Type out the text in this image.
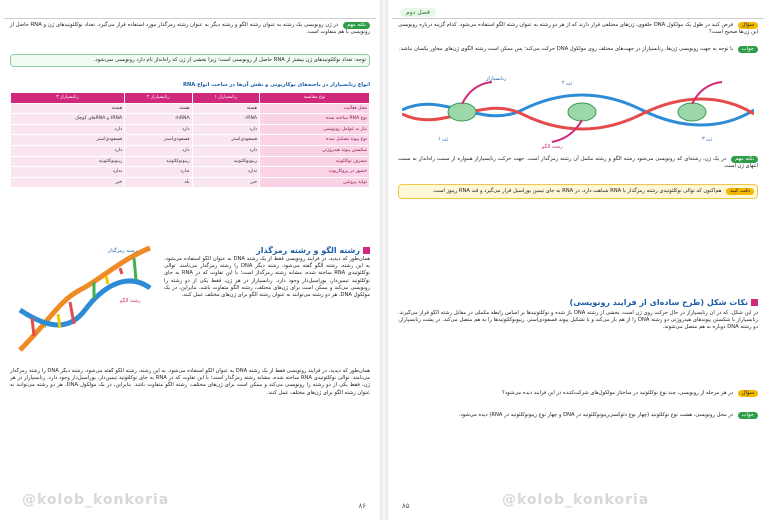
نکته مهم در ژن رونویسی یک رشته به عنوان رشته الگو و رشته دیگر به عنوان رشته رمزگذار مورد استفاده قرار می‌گیرد. تعداد نوکلئوتیدهای ژن و RNA حاصل از رونویسی با هم متفاوت است.
توجه: تعداد نوکلئوتیدهای ژن بیشتر از RNA حاصل از رونویسی است؛ زیرا بخشی از ژن که راه‌انداز نام دارد رونویسی نمی‌شود.
انواع رنابسپاراز در یاخته‌های یوکاریوتی و نقش آن‌ها در ساخت انواع RNA
نوع مقایسه	رنابسپاراز ۱	رنابسپاراز ۲	رنابسپاراز ۳
محل فعالیت	هسته	هسته	هسته
نوع RNA ساخته شده	rRNA	mRNA	tRNA و RNAهای کوچک
نیاز به عوامل رونویسی	دارد	دارد	دارد
نوع پیوند تشکیل شده	فسفودی‌استر	فسفودی‌استر	فسفودی‌استر
شکستن پیوند هیدروژنی	دارد	دارد	دارد
مصرف نوکلئوتید	ریبونوکلئوتید	ریبونوکلئوتید	ریبونوکلئوتید
حضور در پروکاریوت	ندارد	ندارد	ندارد
تولید پروتئین	خیر	بله	خیر
رشته الگو و رشته رمزگذار
رشته الگو
رشته رمزگذار
همان‌طور که دیدید، در فرایند رونویسی فقط از یک رشته DNA به عنوان الگو استفاده می‌شود. به این رشته، رشته الگو گفته می‌شود. رشته دیگر DNA را رشته رمزگذار می‌نامند. توالی نوکلئوتیدی RNA ساخته شده، مشابه رشته رمزگذار است؛ با این تفاوت که در RNA به جای نوکلئوتید تیمین‌دار، یوراسیل‌دار وجود دارد. رنابسپاراز در هر ژن، فقط یکی از دو رشته را رونویسی می‌کند و ممکن است برای ژن‌های مختلف، رشته الگو متفاوت باشد. بنابراین، در یک مولکول DNA، هر دو رشته می‌توانند به عنوان رشته الگو برای ژن‌های مختلف عمل کنند.
همان‌طور که دیدید، در فرایند رونویسی فقط از یک رشته DNA به عنوان الگو استفاده می‌شود. به این رشته، رشته الگو گفته می‌شود. رشته دیگر DNA را رشته رمزگذار می‌نامند. توالی نوکلئوتیدی RNA ساخته شده، مشابه رشته رمزگذار است؛ با این تفاوت که در RNA به جای نوکلئوتید تیمین‌دار، یوراسیل‌دار وجود دارد. رنابسپاراز در هر ژن، فقط یکی از دو رشته را رونویسی می‌کند و ممکن است برای ژن‌های مختلف، رشته الگو متفاوت باشد. بنابراین، در یک مولکول DNA، هر دو رشته می‌توانند به عنوان رشته الگو برای ژن‌های مختلف عمل کنند.
@kolob_konkoria	۸۶
فصل دوم
سؤال فرض کنید در طول یک مولکول DNA حلقوی، ژن‌های مختلفی قرار دارند که از هر دو رشته به عنوان رشته الگو استفاده می‌شود. کدام گزینه درباره رونویسی این ژن‌ها صحیح است؟
جواب با توجه به جهت رونویسی ژن‌ها، رنابسپاراز در جهت‌های مختلف روی مولکول DNA حرکت می‌کند؛ پس ممکن است رشته الگوی ژن‌های مجاور یکسان نباشد.
رنابسپاراز
ژن ۱
ژن ۲
ژن ۳
رشته الگو
نکته مهم در یک ژن، رشته‌ای که رونویسی می‌شود رشته الگو و رشته مکمل آن رشته رمزگذار است. جهت حرکت رنابسپاراز همواره از سمت راه‌انداز به سمت انتهای ژن است.
دقت کنید هم‌اکنون که توالی نوکلئوتیدی رشته رمزگذار با RNA شباهت دارد، در RNA به جای تیمین یوراسیل قرار می‌گیرد و قند RNA ریبوز است.
نکات شکل (طرح ساده‌ای از فرایند رونویسی)
در این شکل، که در آن رنابسپاراز در حال حرکت روی ژن است، بخشی از رشته DNA باز شده و نوکلئوتیدها بر اساس رابطه مکملی در مقابل رشته الگو قرار می‌گیرند. رنابسپاراز با شکستن پیوندهای هیدروژنی دو رشته DNA را از هم باز می‌کند و با تشکیل پیوند فسفودی‌استر، ریبونوکلئوتیدها را به هم متصل می‌کند. در پشت رنابسپاراز، دو رشته DNA دوباره به هم متصل می‌شوند.
سؤال در هر مرحله از رونویسی، چند نوع نوکلئوتید در ساختار مولکول‌های شرکت‌کننده در این فرایند دیده می‌شود؟
جواب در محل رونویسی، هشت نوع نوکلئوتید (چهار نوع دئوکسی‌ریبونوکلئوتید در DNA و چهار نوع ریبونوکلئوتید در RNA) دیده می‌شود.
@kolob_konkoria
۸۵
